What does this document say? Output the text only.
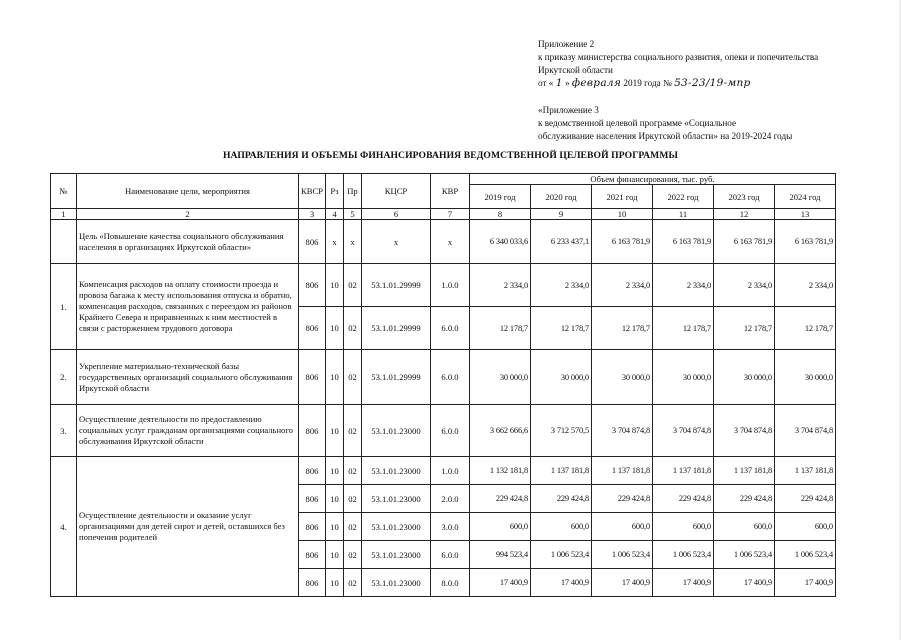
Приложение 2
к приказу министерства социального развития, опеки и попечительства
Иркутской области
от « 1 » февраля 2019 года № 53-23/19-мпр
«Приложение 3
к ведомственной целевой программе «Социальное
обслуживание населения Иркутской области» на 2019-2024 годы
НАПРАВЛЕНИЯ И ОБЪЕМЫ ФИНАНСИРОВАНИЯ ВЕДОМСТВЕННОЙ ЦЕЛЕВОЙ ПРОГРАММЫ
№	Наименование цели, мероприятия	КВСР	Рз	Пр	КЦСР	КВР	Объем финансирования, тыс. руб.					
							2019 год	2020 год	2021 год	2022 год	2023 год	2024 год
1	2	3	4	5	6	7	8	9	10	11	12	13
	Цель «Повышение качества социального обслуживания населения в организациях Иркутской области»	806	x	x	x	x	6 340 033,6	6 233 437,1	6 163 781,9	6 163 781,9	6 163 781,9	6 163 781,9
1.	Компенсация расходов на оплату стоимости проезда и провоза багажа к месту использования отпуска и обратно, компенсация расходов, связанных с переездом из районов Крайнего Севера и приравненных к ним местностей в связи с расторжением трудового договора	806	10	02	53.1.01.29999	1.0.0	2 334,0	2 334,0	2 334,0	2 334,0	2 334,0	2 334,0
		806	10	02	53.1.01.29999	6.0.0	12 178,7	12 178,7	12 178,7	12 178,7	12 178,7	12 178,7
2.	Укрепление материально-технической базы государственных организаций социального обслуживания Иркутской области	806	10	02	53.1.01.29999	6.0.0	30 000,0	30 000,0	30 000,0	30 000,0	30 000,0	30 000,0
3.	Осуществление деятельности по предоставлению социальных услуг гражданам организациями социального обслуживания Иркутской области	806	10	02	53.1.01.23000	6.0.0	3 662 666,6	3 712 570,5	3 704 874,8	3 704 874,8	3 704 874,8	3 704 874,8
4.	Осуществление деятельности и оказание услуг организациями для детей сирот и детей, оставшихся без попечения родителей	806	10	02	53.1.01.23000	1.0.0	1 132 181,8	1 137 181,8	1 137 181,8	1 137 181,8	1 137 181,8	1 137 181,8
		806	10	02	53.1.01.23000	2.0.0	229 424,8	229 424,8	229 424,8	229 424,8	229 424,8	229 424,8
		806	10	02	53.1.01.23000	3.0.0	600,0	600,0	600,0	600,0	600,0	600,0
		806	10	02	53.1.01.23000	6.0.0	994 523,4	1 006 523,4	1 006 523,4	1 006 523,4	1 006 523,4	1 006 523,4
		806	10	02	53.1.01.23000	8.0.0	17 400,9	17 400,9	17 400,9	17 400,9	17 400,9	17 400,9
